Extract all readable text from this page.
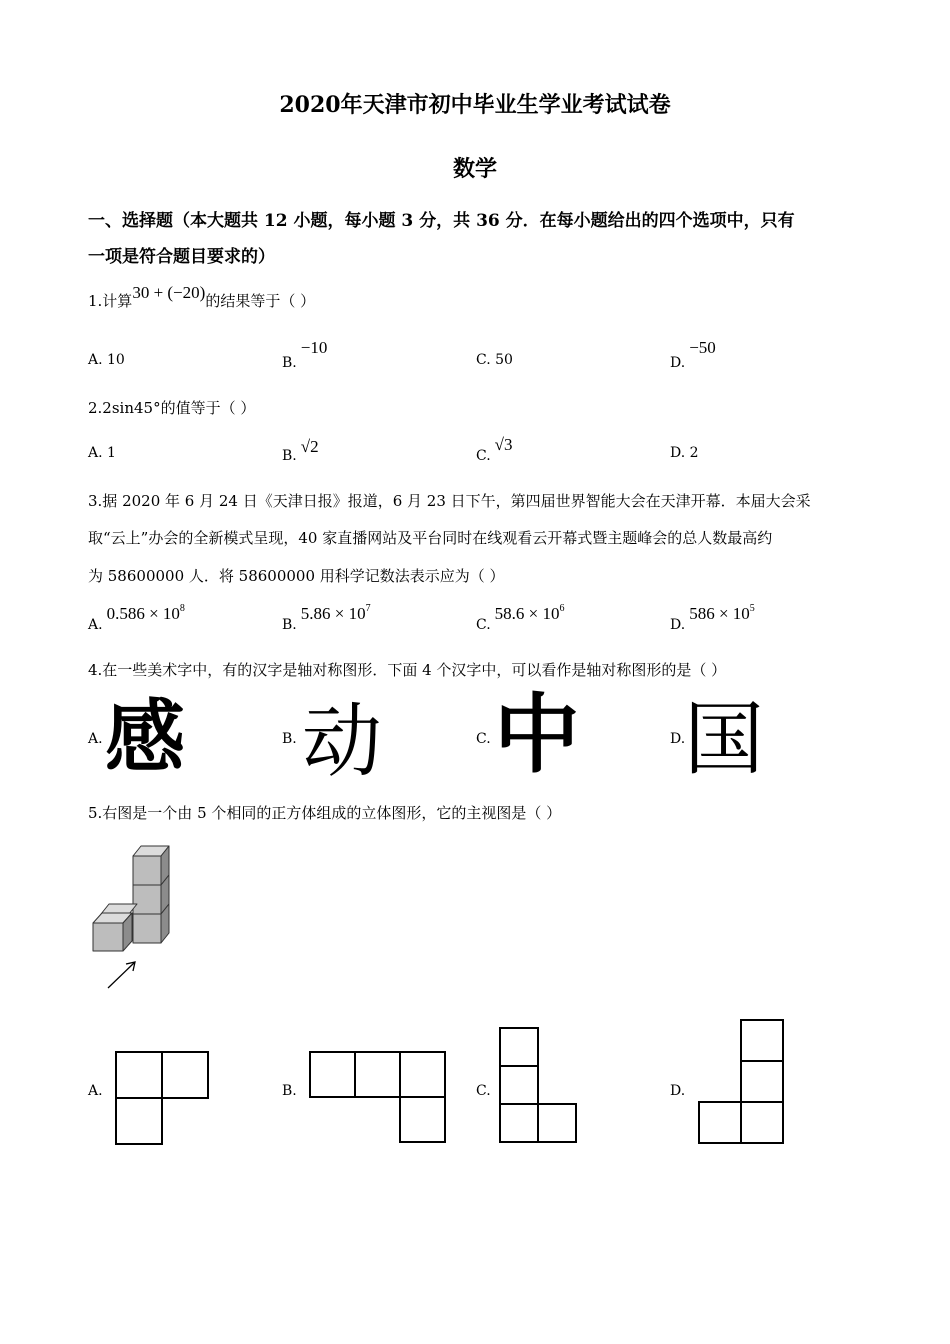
2020年天津市初中毕业生学业考试试卷
数学
一、选择题（本大题共 12 小题，每小题 3 分，共 36 分．在每小题给出的四个选项中，只有
一项是符合题目要求的）
1.计算30 + (−20)的结果等于（ ）
A. 10	B.−10
C. 50	D.−50
2.2sin45°的值等于（ ）
A. 1	B. √2	C.√3	D. 2
3.据 2020 年 6 月 24 日《天津日报》报道，6 月 23 日下午，第四届世界智能大会在天津开幕．本届大会采
取“云上”办会的全新模式呈现，40 家直播网站及平台同时在线观看云开幕式暨主题峰会的总人数最高约
为 58600000 人．将 58600000 用科学记数法表示应为（ ）
$A.0.586 \times 10^8$
$B.5.86 \times 10^7$
$C.58.6 \times 10^6$
$D.586 \times 10^5$
4.在一些美术字中，有的汉字是轴对称图形．下面 4 个汉字中，可以看作是轴对称图形的是（ ）
A. 感	B. 动	C. 中	D.
国
5.右图是一个由 5 个相同的正方体组成的立体图形，它的主视图是（ ）
A.	B.	C.	D.
